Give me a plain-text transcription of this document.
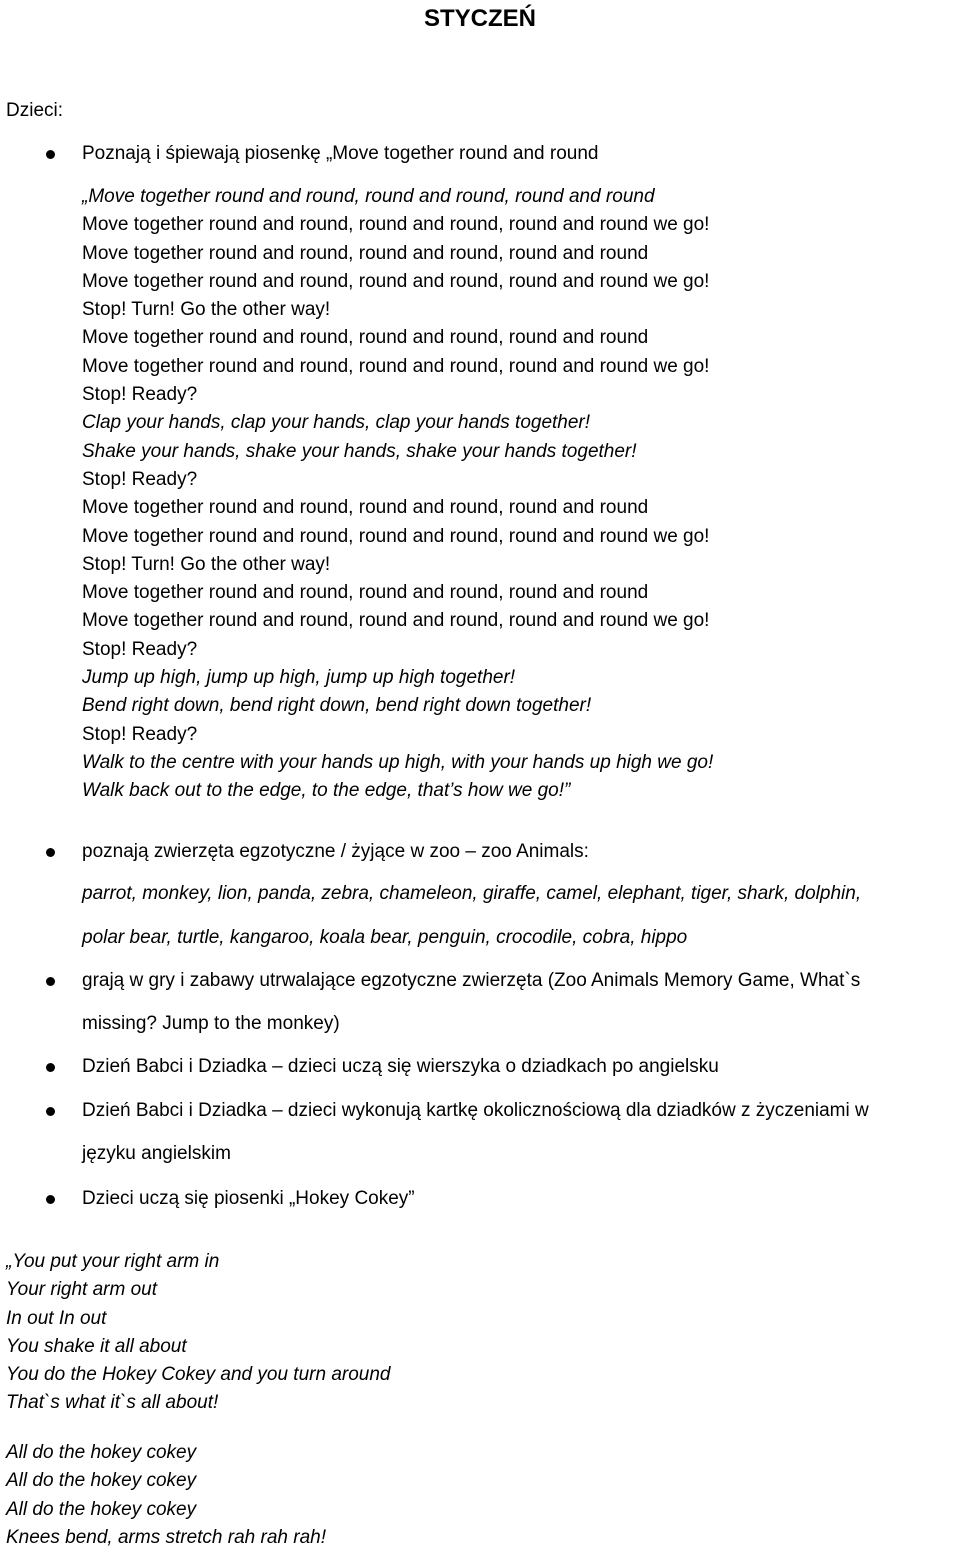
STYCZEŃ

Dzieci:

Poznają i śpiewają piosenkę „Move together round and round

„Move together round and round, round and round, round and round
Move together round and round, round and round, round and round we go!
Move together round and round, round and round, round and round
Move together round and round, round and round, round and round we go!
Stop! Turn! Go the other way!
Move together round and round, round and round, round and round
Move together round and round, round and round, round and round we go!
Stop! Ready?
Clap your hands, clap your hands, clap your hands together!
Shake your hands, shake your hands, shake your hands together!
Stop! Ready?
Move together round and round, round and round, round and round
Move together round and round, round and round, round and round we go!
Stop! Turn! Go the other way!
Move together round and round, round and round, round and round
Move together round and round, round and round, round and round we go!
Stop! Ready?
Jump up high, jump up high, jump up high together!
Bend right down, bend right down, bend right down together!
Stop! Ready?
Walk to the centre with your hands up high, with your hands up high we go!
Walk back out to the edge, to the edge, that’s how we go!”

poznają zwierzęta egzotyczne / żyjące w zoo – zoo Animals:

parrot, monkey, lion, panda, zebra, chameleon, giraffe, camel, elephant, tiger, shark, dolphin,
polar bear, turtle, kangaroo, koala bear, penguin, crocodile, cobra, hippo

grają w gry i zabawy utrwalające egzotyczne zwierzęta (Zoo Animals Memory Game, What`s

missing? Jump to the monkey)

Dzień Babci i Dziadka – dzieci uczą się wierszyka o dziadkach po angielsku

Dzień Babci i Dziadka – dzieci wykonują kartkę okolicznościową dla dziadków z życzeniami w

języku angielskim

Dzieci uczą się piosenki „Hokey Cokey”

„You put your right arm in
Your right arm out
In out In out
You shake it all about
You do the Hokey Cokey and you turn around
That`s what it`s all about!
All do the hokey cokey
All do the hokey cokey
All do the hokey cokey
Knees bend, arms stretch rah rah rah!
